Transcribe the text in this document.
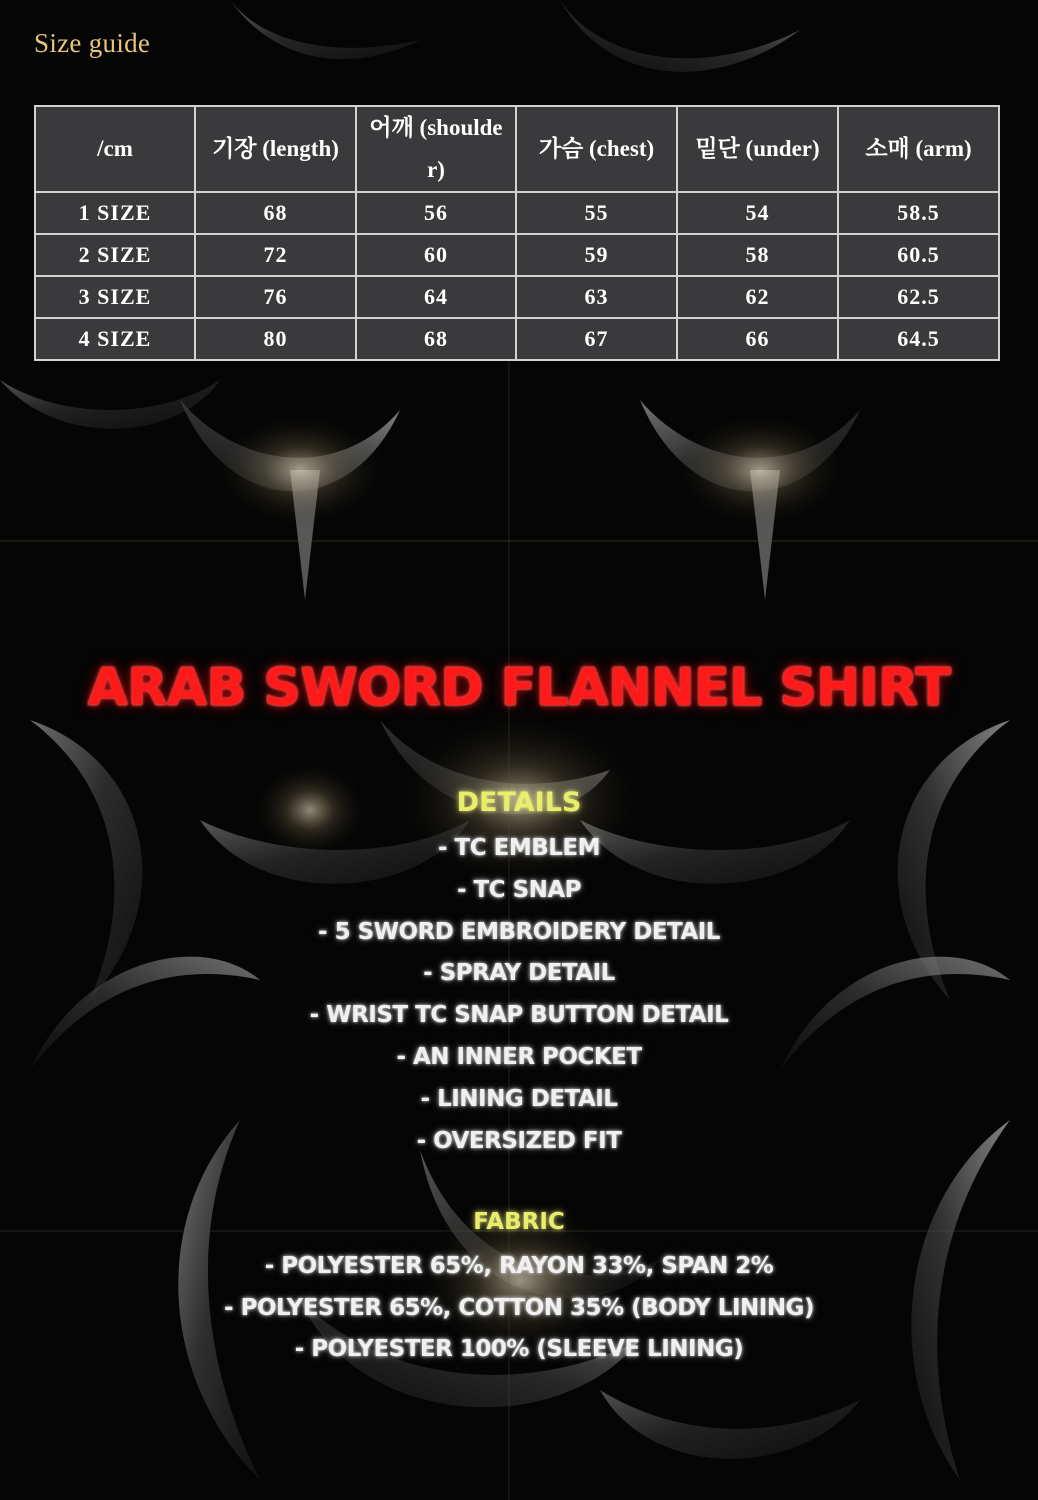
Size guide
/cm	기장 (length)	어깨 (shoulder)	가슴 (chest)	밑단 (under)	소매 (arm)
1 SIZE	68	56	55	54	58.5
2 SIZE	72	60	59	58	60.5
3 SIZE	76	64	63	62	62.5
4 SIZE	80	68	67	66	64.5
ARAB SWORD FLANNEL SHIRT
DETAILS
- TC EMBLEM
- TC SNAP
- 5 SWORD EMBROIDERY DETAIL
- SPRAY DETAIL
- WRIST TC SNAP BUTTON DETAIL
- AN INNER POCKET
- LINING DETAIL
- OVERSIZED FIT
FABRIC
- POLYESTER 65%, RAYON 33%, SPAN 2%
- POLYESTER 65%, COTTON 35% (BODY LINING)
- POLYESTER 100% (SLEEVE LINING)
